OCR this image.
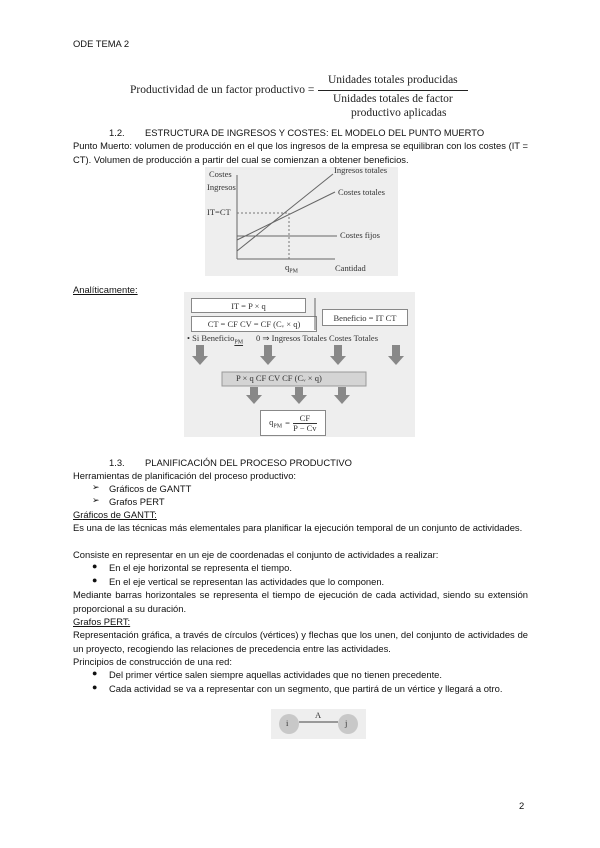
ODE TEMA 2
Productividad de un factor productivo =
Unidades totales producidas
Unidades totales de factor
productivo aplicadas
1.2. ESTRUCTURA DE INGRESOS Y COSTES: EL MODELO DEL PUNTO MUERTO
Punto Muerto: volumen de producción en el que los ingresos de la empresa se equilibran con los costes (IT = CT). Volumen de producción a partir del cual se comienzan a obtener beneficios.
Costes
Ingresos
IT=CT
Ingresos totales
Costes totales
Costes fijos
$q_{PM}$	Cantidad
Analíticamente:
IT = P × q
CT = CF CV = CF (Cᵥ × q)
Beneficio = IT CT
• Si Beneficio$_{PM}$ 0 ⇒ Ingresos Totales Costes Totales
P × q CF CV CF (Cᵥ × q)
$q_{PM}$ =
CF
P − Cv
1.3. PLANIFICACIÓN DEL PROCESO PRODUCTIVO
Herramientas de planificación del proceso productivo:
➢ Gráficos de GANTT
➢ Grafos PERT
Gráficos de GANTT:
Es una de las técnicas más elementales para planificar la ejecución temporal de un conjunto de actividades.
Consiste en representar en un eje de coordenadas el conjunto de actividades a realizar:
● En el eje horizontal se representa el tiempo.
● En el eje vertical se representan las actividades que lo componen.
Mediante barras horizontales se representa el tiempo de ejecución de cada actividad, siendo su extensión proporcional a su duración.
Grafos PERT:
Representación gráfica, a través de círculos (vértices) y flechas que los unen, del conjunto de actividades de un proyecto, recogiendo las relaciones de precedencia entre las actividades.
Principios de construcción de una red:
● Del primer vértice salen siempre aquellas actividades que no tienen precedente.
● Cada actividad se va a representar con un segmento, que partirá de un vértice y llegará a otro.
i	j
A
2
